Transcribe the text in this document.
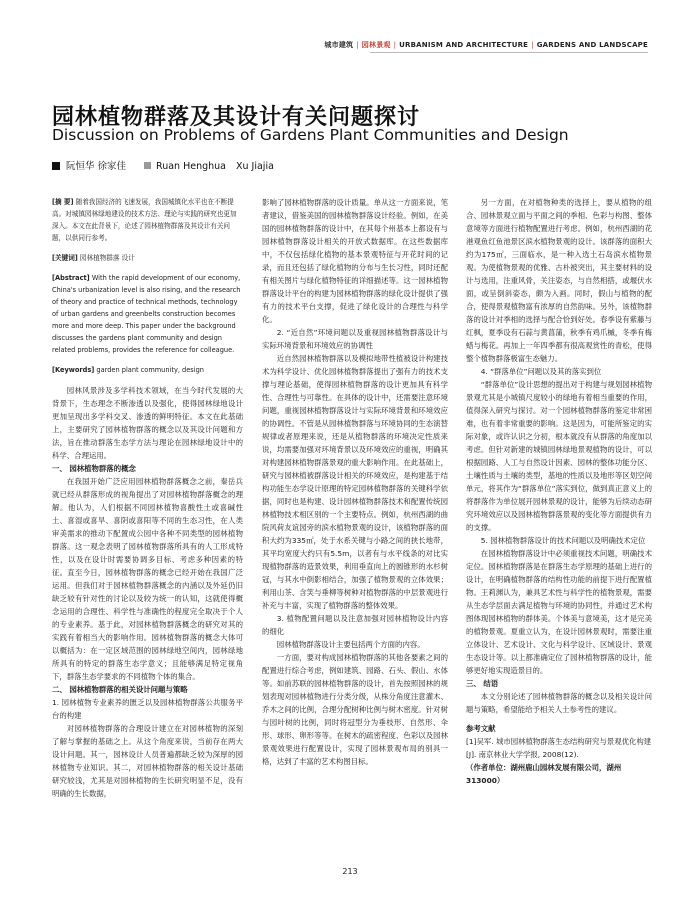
城市建筑 | 园林景观 | URBANISM AND ARCHITECTURE | GARDENS AND LANDSCAPE
园林植物群落及其设计有关问题探讨
Discussion on Problems of Gardens Plant Communities and Design
阮恒华 徐家佳	Ruan Henghua Xu Jiajia
[摘 要] 随着我国经济的飞速发展，我国城镇化水平也在不断提高。对城镇园林绿地建设的技术方法、理论与实践的研究也更加深入。本文在此背景下，论述了园林植物群落及其设计有关问题，以供同行参考。
[关键词] 园林植物群落 设计
[Abstract] With the rapid development of our economy, China's urbanization level is also rising, and the research of theory and practice of technical methods, technology of urban gardens and greenbelts construction becomes more and more deep. This paper under the background discusses the gardens plant community and design related problems, provides the reference for colleague.
[Keywords] garden plant community, design
园林风景涉及多学科技术领域，在当今时代发展的大背景下，生态理念不断渗透以及强化，使得园林绿地设计更加呈现出多学科交叉、渗透的鲜明特征。本文在此基础上，主要研究了园林植物群落的概念以及其设计问题和方法，旨在推动群落生态学方法与理论在园林绿地设计中的科学、合理运用。
一、 园林植物群落的概念
在我国开始广泛应用园林植物群落概念之前，秦岳兵就已经从群落形成的视角提出了对园林植物群落概念的理解。他认为，人们根据不同园林植物喜酸性土或喜碱性土、喜湿或喜旱、喜阴或喜阳等不同的生态习性，在人类审美需求的推动下配置成公园中各种不同类型的园林植物群落。这一观念表明了园林植物群落所具有的人工形成特性，以及在设计时需要协调多目标、考虑多种因素的特征。直至今日，园林植物群落的概念已经开始在我国广泛运用。但我们对于园林植物群落概念的内涵以及外延仍旧缺乏较有针对性的讨论以及较为统一的认知，这就使得概念运用的合理性、科学性与准确性的程度完全取决于个人的专业素养。基于此，对园林植物群落概念的研究对其的实践有着相当大的影响作用。园林植物群落的概念大体可以概括为：在一定区域范围的园林绿地空间内，园林绿地所具有的特定的群落生态学意义；且能够满足特定视角下，群落生态学要求的不同植物个体的集合。
二、 园林植物群落的相关设计问题与策略
1. 园林植物专业素养的匮乏以及园林植物群落公共服务平台的构建
对园林植物群落的合理设计建立在对园林植物的深刻了解与掌握的基础之上。从这个角度来说，当前存在两大设计问题。其一，园林设计人员普遍都缺乏较为深厚的园林植物专业知识。其二，对园林植物群落的相关设计基础研究较浅，尤其是对园林植物的生长研究明显不足，没有明确的生长数据，
影响了园林植物群落的设计质量。单从这一方面来说，笔者建议，借鉴美国的园林植物群落设计经验。例如，在美国的园林植物群落的设计中，在其每个州基本上都设有与园林植物群落设计相关的开放式数据库。在这些数据库中，不仅包括绿化植物的基本景观特征与开花时间的记录，而且还包括了绿化植物的分布与生长习性，同时还配有相关图片与绿化植物特征的详细描述等。这一园林植物群落设计平台的构建为园林植物群落的绿化设计提供了强有力的技术平台支撑，促进了绿化设计的合理性与科学化。
2. “近自然”环境问题以及重视园林植物群落设计与实际环境背景和环境效应的协调性
近自然园林植物群落以及模拟地带性植被设计构建技术为科学设计、优化园林植物群落提出了强有力的技术支撑与理论基础，使得园林植物群落的设计更加具有科学性、合理性与可靠性。在具体的设计中，还需要注意环境问题，重视园林植物群落设计与实际环境背景和环境效应的协调性。不管是从园林植物群落与环境协同的生态演替规律或者原理来说，还是从植物群落的环境决定性质来说，均需要加强对环境背景以及环境效应的重视，明确其对构建园林植物群落景观的重大影响作用。在此基础上，研究与园林植被群落设计相关的环境效应，是构建基于结构功能生态学设计原理的特定园林植物群落的关键科学依据，同时也是构建、设计园林植物群落技术和配置传统园林植物技术相区别的一个主要特点。例如，杭州西湖的曲院风荷友谊园旁的滨水植物景观的设计，该植物群落的面积大约为335㎡，处于水系关键与小路之间的狭长地带，其平均宽度大约只有5.5m，以者有与水平线条的对比实现植物群落的造景效果，利用垂直向上的圆锥形的水杉树冠，与其水中倒影相结合，加强了植物景观的立体效果；利用山茶、含笑与垂柳等树种对植物群落的中层景观进行补充与丰富，实现了植物群落的整体效果。
3. 植物配置问题以及注意加强对园林植物设计内容的细化
园林植物群落设计主要包括两个方面的内容。
一方面，要对构成园林植物群落的其他各要素之间的配置进行综合考虑，例如建筑、园路、石头、假山、水体等。如前苏联的园林植物群落的设计，首先按照园林的规划表现对园林植物进行分类分级，从株分角度注意灌木、乔木之间的比例，合理分配树种比例与树木密度。针对树与园叶树的比例，同时将冠型分为垂枝形、自然形、伞形、球形、卵形等等。在树木的疏密程度、色彩以及园林景观效果进行配置设计，实现了园林景观布局的别具一格，达到了丰富的艺术构图目标。
另一方面，在对植物种类的选择上，要从植物的组合、园林景观立面与平面之间的季相、色彩与构图、整体意境等方面进行植物配置进行考虑。例如，杭州西湖的花港观鱼红鱼池景区滨水植物景观的设计。该群落的面积大约为175㎡，三面临水，是一种入选土石岛滨水植物景观。为使植物景观的优雅、古朴被突出，其主要材料的设计与选用，注重风骨，关注姿态，与自然相搭，或堰伏水面，或呈倒斜姿态，颇为入画。同时，假山与植物的配合，使得景观植物富有浓厚的自然韵味。另外，该植物群落的设计对季相的选择与配合恰到好处。春季设有紫藤与红枫，夏季设有石蒜与黄菖蒲，秋季有鸡爪槭，冬季有梅蜡与梅花。再加上一年四季都有很高观赏性的青松，使得整个植物群落极富生态魅力。
4. “群落单位”问题以及其的落实到位
“群落单位”设计思想的提出对于构建与规划园林植物景观尤其是小城镇尺度较小的绿地有着相当重要的作用，值得深入研究与探讨。对一个园林植物群落的鉴定非常困难，也有着非常重要的影响。这是因为，可能所鉴定的实际对象，或许认识之分初，根本就没有从群落的角度加以考虑。但针对新建的城镇园林绿地景观植物的设计，可以根据园路、人工与自然设计因素、园林的整体功能分区、土壤性质与土壤的类型，基地的性质以及地形等区划空间单元，将其作为“群落单位”落实到位，做到真正意义上的将群落作为单位展开园林景观的设计，能够为后续动态研究环境效应以及园林植物群落景观的变化等方面提供有力的支撑。
5. 园林植物群落设计的技术问题以及明确技术定位
在园林植物群落设计中必须重视技术问题，明确技术定位。园林植物群落是在群落生态学原理的基础上进行的设计，在明确植物群落的结构性功能的前提下进行配置植物。王莉渊认为，兼具艺术性与科学性的植物景观，需要从生态学层面去满足植物与环境的协同性，并通过艺术构图体现园林植物的群体美。个体美与意境美，这才是完美的植物景观。夏重立认为，在设计园林景观时，需要注重立体设计、艺术设计、文化与科学设计、区域设计、景观生态设计等。以上都准确定位了园林植物群落的设计，能够更好地实现造景目的。
三、 结语
本文分别论述了园林植物群落的概念以及相关设计问题与策略，希望能给予相关人士参考性的建议。
参考文献
[1]吴军. 城市园林植物群落生态结构研究与景观优化构建[J]. 南京林业大学学报, 2008(12).
（作者单位：湖州鹿山园林发展有限公司，湖州 313000）
213
